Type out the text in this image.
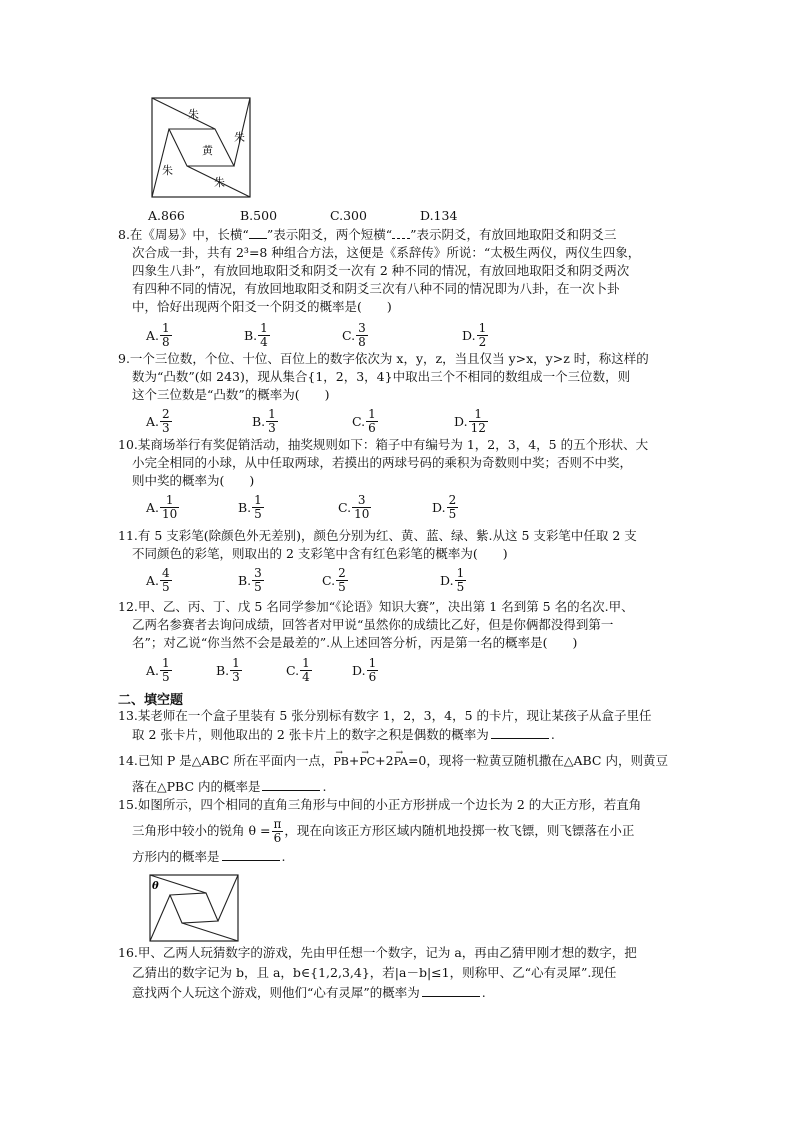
朱
朱
黄
朱
朱
A.866	B.500	C.300	D.134
8.在《周易》中，长横“ ”表示阳爻，两个短横“ ”表示阴爻，有放回地取阳爻和阴爻三
次合成一卦，共有 2³=8 种组合方法，这便是《系辞传》所说：“太极生两仪，两仪生四象，
四象生八卦”，有放回地取阳爻和阴爻一次有 2 种不同的情况，有放回地取阳爻和阴爻两次
有四种不同的情况，有放回地取阳爻和阴爻三次有八种不同的情况即为八卦，在一次卜卦
中，恰好出现两个阳爻一个阴爻的概率是(　　)
A. $\frac{1}{8}$	B. $\frac{1}{4}$	C. $\frac{3}{8}$	D. $\frac{1}{2}$
9.一个三位数，个位、十位、百位上的数字依次为 x，y，z，当且仅当 y>x，y>z 时，称这样的
数为“凸数”(如 243)，现从集合{1，2，3，4}中取出三个不相同的数组成一个三位数，则
这个三位数是“凸数”的概率为(　　)
A. $\frac{2}{3}$	B. $\frac{1}{3}$	C. $\frac{1}{6}$	D. $\frac{1}{12}$
10.某商场举行有奖促销活动，抽奖规则如下：箱子中有编号为 1，2，3，4，5 的五个形状、大
小完全相同的小球，从中任取两球，若摸出的两球号码的乘积为奇数则中奖；否则不中奖，
则中奖的概率为(　　)
A. $\frac{1}{10}$	B. $\frac{1}{5}$	C. $\frac{3}{10}$	D. $\frac{2}{5}$
11.有 5 支彩笔(除颜色外无差别)，颜色分别为红、黄、蓝、绿、紫.从这 5 支彩笔中任取 2 支
不同颜色的彩笔，则取出的 2 支彩笔中含有红色彩笔的概率为(　　)
A. $\frac{4}{5}$	B. $\frac{3}{5}$	C. $\frac{2}{5}$	D. $\frac{1}{5}$
12.甲、乙、丙、丁、戊 5 名同学参加“《论语》知识大赛”，决出第 1 名到第 5 名的名次.甲、
乙两名参赛者去询问成绩，回答者对甲说“虽然你的成绩比乙好，但是你俩都没得到第一
名”；对乙说“你当然不会是最差的”.从上述回答分析，丙是第一名的概率是(　　)
A. $\frac{1}{5}$	B. $\frac{1}{3}$	C. $\frac{1}{4}$	D. $\frac{1}{6}$
二、填空题
13.某老师在一个盒子里装有 5 张分别标有数字 1，2，3，4，5 的卡片，现让某孩子从盒子里任
取 2 张卡片，则他取出的 2 张卡片上的数字之积是偶数的概率为	.
14.已知 P 是△ABC 所在平面内一点，→ PB+→ PC+2→ PA=0，现将一粒黄豆随机撒在△ABC 内，则黄豆
落在△PBC 内的概率是	.
15.如图所示，四个相同的直角三角形与中间的小正方形拼成一个边长为 2 的大正方形，若直角
三角形中较小的锐角 $\theta = \frac{\pi}{6}$ ，现在向该正方形区域内随机地投掷一枚飞镖，则飞镖落在小正
方形内的概率是	.
θ
16.甲、乙两人玩猜数字的游戏，先由甲任想一个数字，记为 a，再由乙猜甲刚才想的数字，把
乙猜出的数字记为 b，且 a，b∈{1,2,3,4}，若|a－b|≤1，则称甲、乙“心有灵犀”.现任
意找两个人玩这个游戏，则他们“心有灵犀”的概率为	.
